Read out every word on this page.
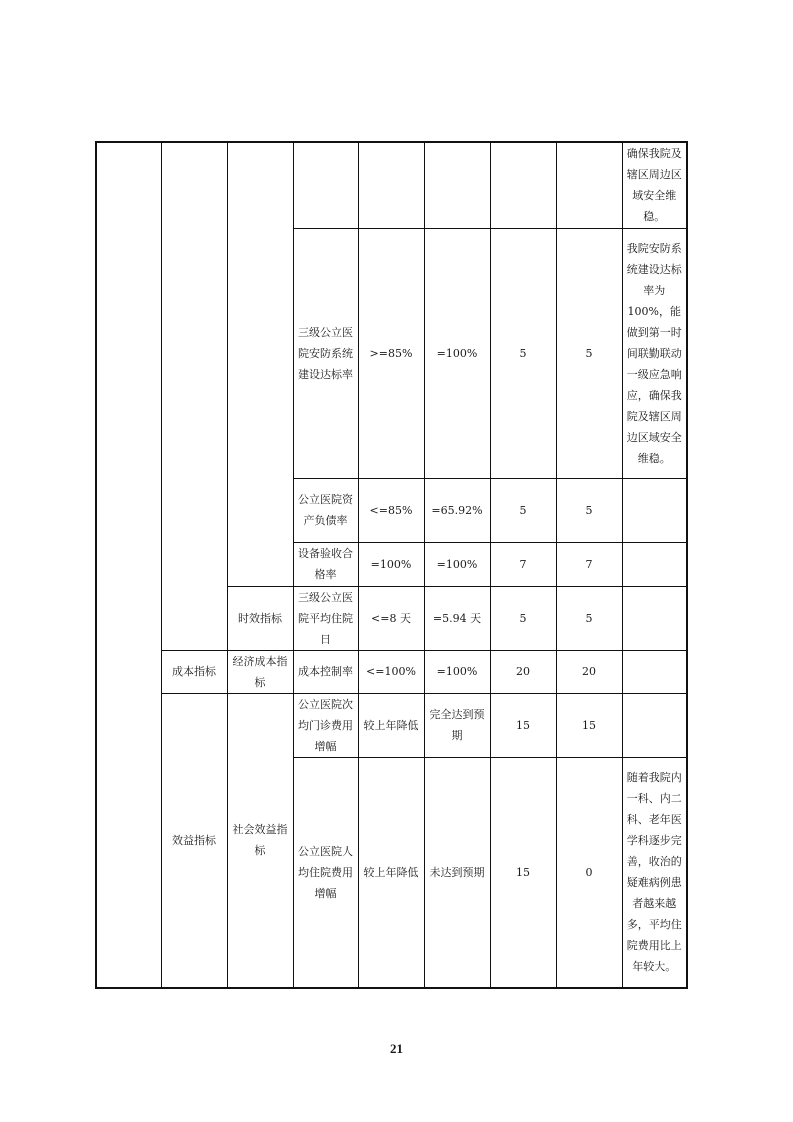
								确保我院及辖区周边区域安全维稳。
			三级公立医院安防系统建设达标率	>=85%	=100%	5	5	我院安防系统建设达标率为100%，能做到第一时间联勤联动一级应急响应，确保我院及辖区周边区域安全维稳。
			公立医院资产负债率	<=85%	=65.92%	5	5	
			设备验收合格率	=100%	=100%	7	7	
		时效指标	三级公立医院平均住院日	<=8 天	=5.94 天	5	5	
	成本指标	经济成本指标	成本控制率	<=100%	=100%	20	20	
	效益指标	社会效益指标	公立医院次均门诊费用增幅	较上年降低	完全达到预期	15	15	
			公立医院人均住院费用增幅	较上年降低	未达到预期	15	0	随着我院内一科、内二科、老年医学科逐步完善，收治的疑难病例患者越来越多，平均住院费用比上年较大。
21
